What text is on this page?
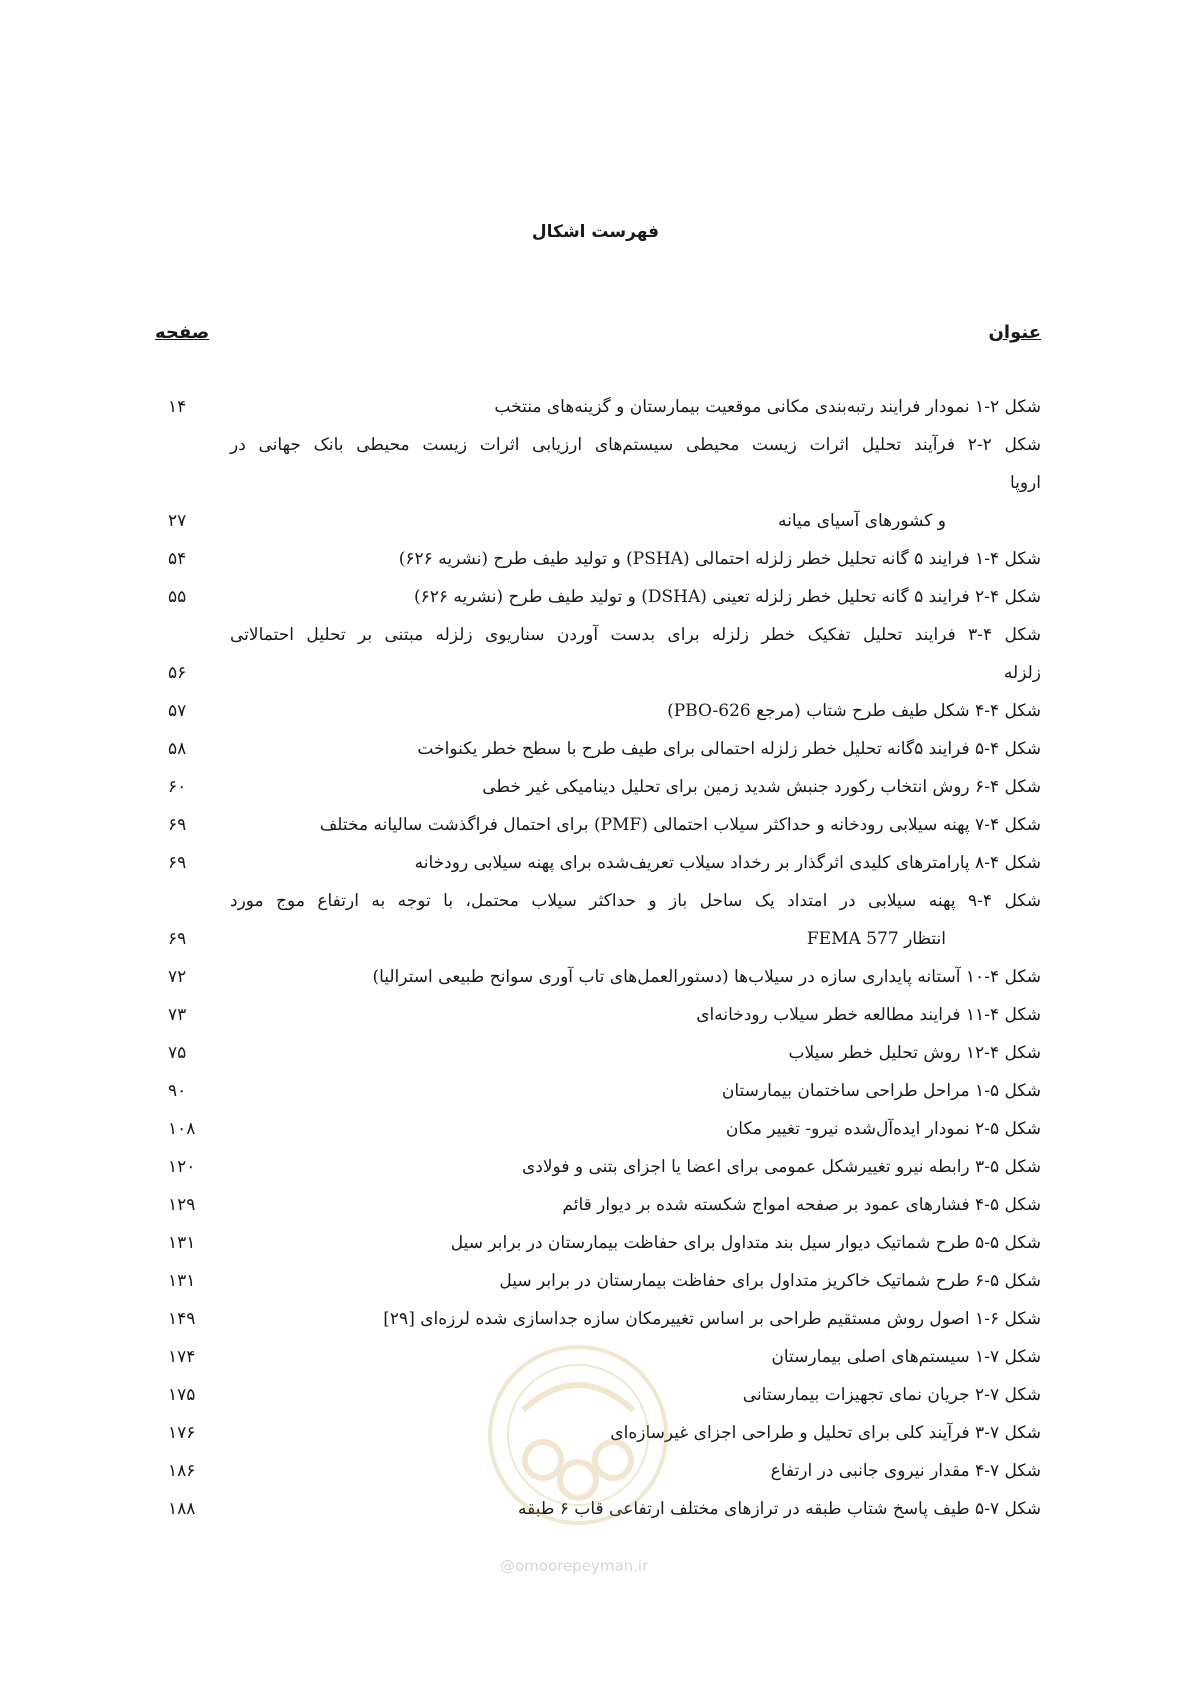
فهرست اشکال
عنوان
صفحه
شکل ۲-۱ نمودار فرایند رتبه‌بندی مکانی موقعیت بیمارستان و گزینه‌های منتخب
۱۴
شکل ۲-۲ فرآیند تحلیل اثرات زیست محیطی سیستم‌های ارزیابی اثرات زیست محیطی بانک جهانی در
اروپا
و کشورهای آسیای میانه
۲۷
شکل ۴-۱ فرایند ۵ گانه تحلیل خطر زلزله احتمالی (PSHA) و تولید طیف طرح (نشریه ۶۲۶)
۵۴
شکل ۴-۲ فرایند ۵ گانه تحلیل خطر زلزله تعینی (DSHA) و تولید طیف طرح (نشریه ۶۲۶)
۵۵
شکل ۴-۳ فرایند تحلیل تفکیک خطر زلزله برای بدست آوردن سناریوی زلزله مبتنی بر تحلیل احتمالاتی
زلزله
۵۶
شکل ۴-۴ شکل طیف طرح شتاب (مرجع PBO-626)
۵۷
شکل ۴-۵ فرایند ۵گانه تحلیل خطر زلزله احتمالی برای طیف طرح با سطح خطر یکنواخت
۵۸
شکل ۴-۶ روش انتخاب رکورد جنبش شدید زمین برای تحلیل دینامیکی غیر خطی
۶۰
شکل ۴-۷ پهنه سیلابی رودخانه و حداکثر سیلاب احتمالی (PMF) برای احتمال فراگذشت سالیانه مختلف
۶۹
شکل ۴-۸ پارامترهای کلیدی اثرگذار بر رخداد سیلاب تعریف‌شده برای پهنه سیلابی رودخانه
۶۹
شکل ۴-۹ پهنه سیلابی در امتداد یک ساحل باز و حداکثر سیلاب محتمل، با توجه به ارتفاع موج مورد
انتظار FEMA 577
۶۹
شکل ۴-۱۰ آستانه پایداری سازه در سیلاب‌ها (دستورالعمل‌های تاب آوری سوانح طبیعی استرالیا)
۷۲
شکل ۴-۱۱ فرایند مطالعه خطر سیلاب رودخانه‌ای
۷۳
شکل ۴-۱۲ روش تحلیل خطر سیلاب
۷۵
شکل ۵-۱ مراحل طراحی ساختمان بیمارستان
۹۰
شکل ۵-۲ نمودار ایده‌آل‌شده نیرو- تغییر مکان
۱۰۸
شکل ۵-۳ رابطه نیرو تغییرشکل عمومی برای اعضا یا اجزای بتنی و فولادی
۱۲۰
شکل ۵-۴ فشارهای عمود بر صفحه امواج شکسته شده بر دیوار قائم
۱۲۹
شکل ۵-۵ طرح شماتیک دیوار سیل بند متداول برای حفاظت بیمارستان در برابر سیل
۱۳۱
شکل ۵-۶ طرح شماتیک خاکریز متداول برای حفاظت بیمارستان در برابر سیل
۱۳۱
شکل ۶-۱ اصول روش مستقیم طراحی بر اساس تغییرمکان سازه جداسازی شده لرزه‌ای [۲۹]
۱۴۹
شکل ۷-۱ سیستم‌های اصلی بیمارستان
۱۷۴
شکل ۷-۲ جریان نمای تجهیزات بیمارستانی
۱۷۵
شکل ۷-۳ فرآیند کلی برای تحلیل و طراحی اجزای غیرسازه‌ای
۱۷۶
شکل ۷-۴ مقدار نیروی جانبی در ارتفاع
۱۸۶
شکل ۷-۵ طیف پاسخ شتاب طبقه در ترازهای مختلف ارتفاعی قاب ۶ طبقه
۱۸۸
@omoorepeyman.ir
